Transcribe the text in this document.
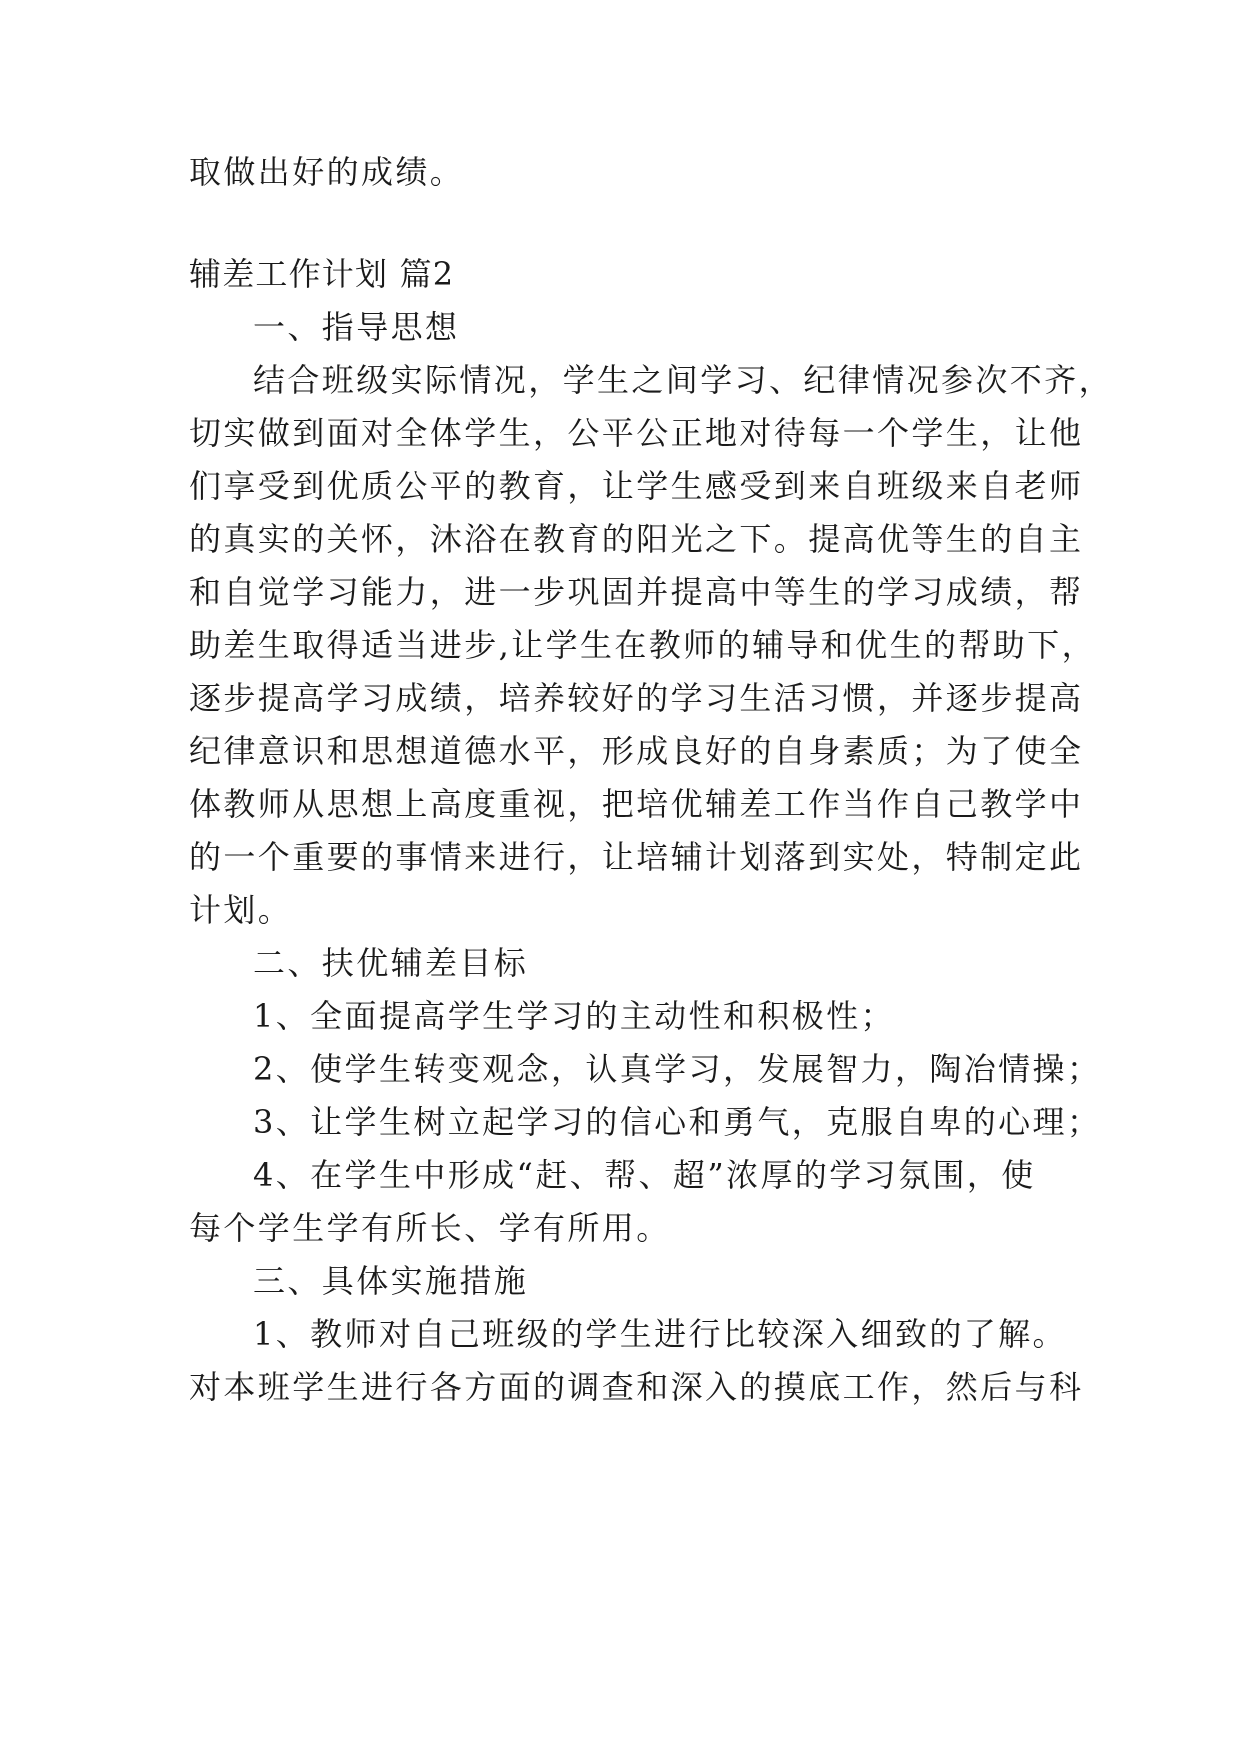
取做出好的成绩。
辅差工作计划 篇2
一、指导思想
结合班级实际情况，学生之间学习、纪律情况参次不齐，
切实做到面对全体学生，公平公正地对待每一个学生，让他
们享受到优质公平的教育，让学生感受到来自班级来自老师
的真实的关怀，沐浴在教育的阳光之下。提高优等生的自主
和自觉学习能力，进一步巩固并提高中等生的学习成绩，帮
助差生取得适当进步,让学生在教师的辅导和优生的帮助下，
逐步提高学习成绩，培养较好的学习生活习惯，并逐步提高
纪律意识和思想道德水平，形成良好的自身素质；为了使全
体教师从思想上高度重视，把培优辅差工作当作自己教学中
的一个重要的事情来进行，让培辅计划落到实处，特制定此
计划。
二、扶优辅差目标
1、全面提高学生学习的主动性和积极性；
2、使学生转变观念，认真学习，发展智力，陶冶情操；
3、让学生树立起学习的信心和勇气，克服自卑的心理；
4、在学生中形成“赶、帮、超”浓厚的学习氛围，使
每个学生学有所长、学有所用。
三、具体实施措施
1、教师对自己班级的学生进行比较深入细致的了解。
对本班学生进行各方面的调查和深入的摸底工作，然后与科
